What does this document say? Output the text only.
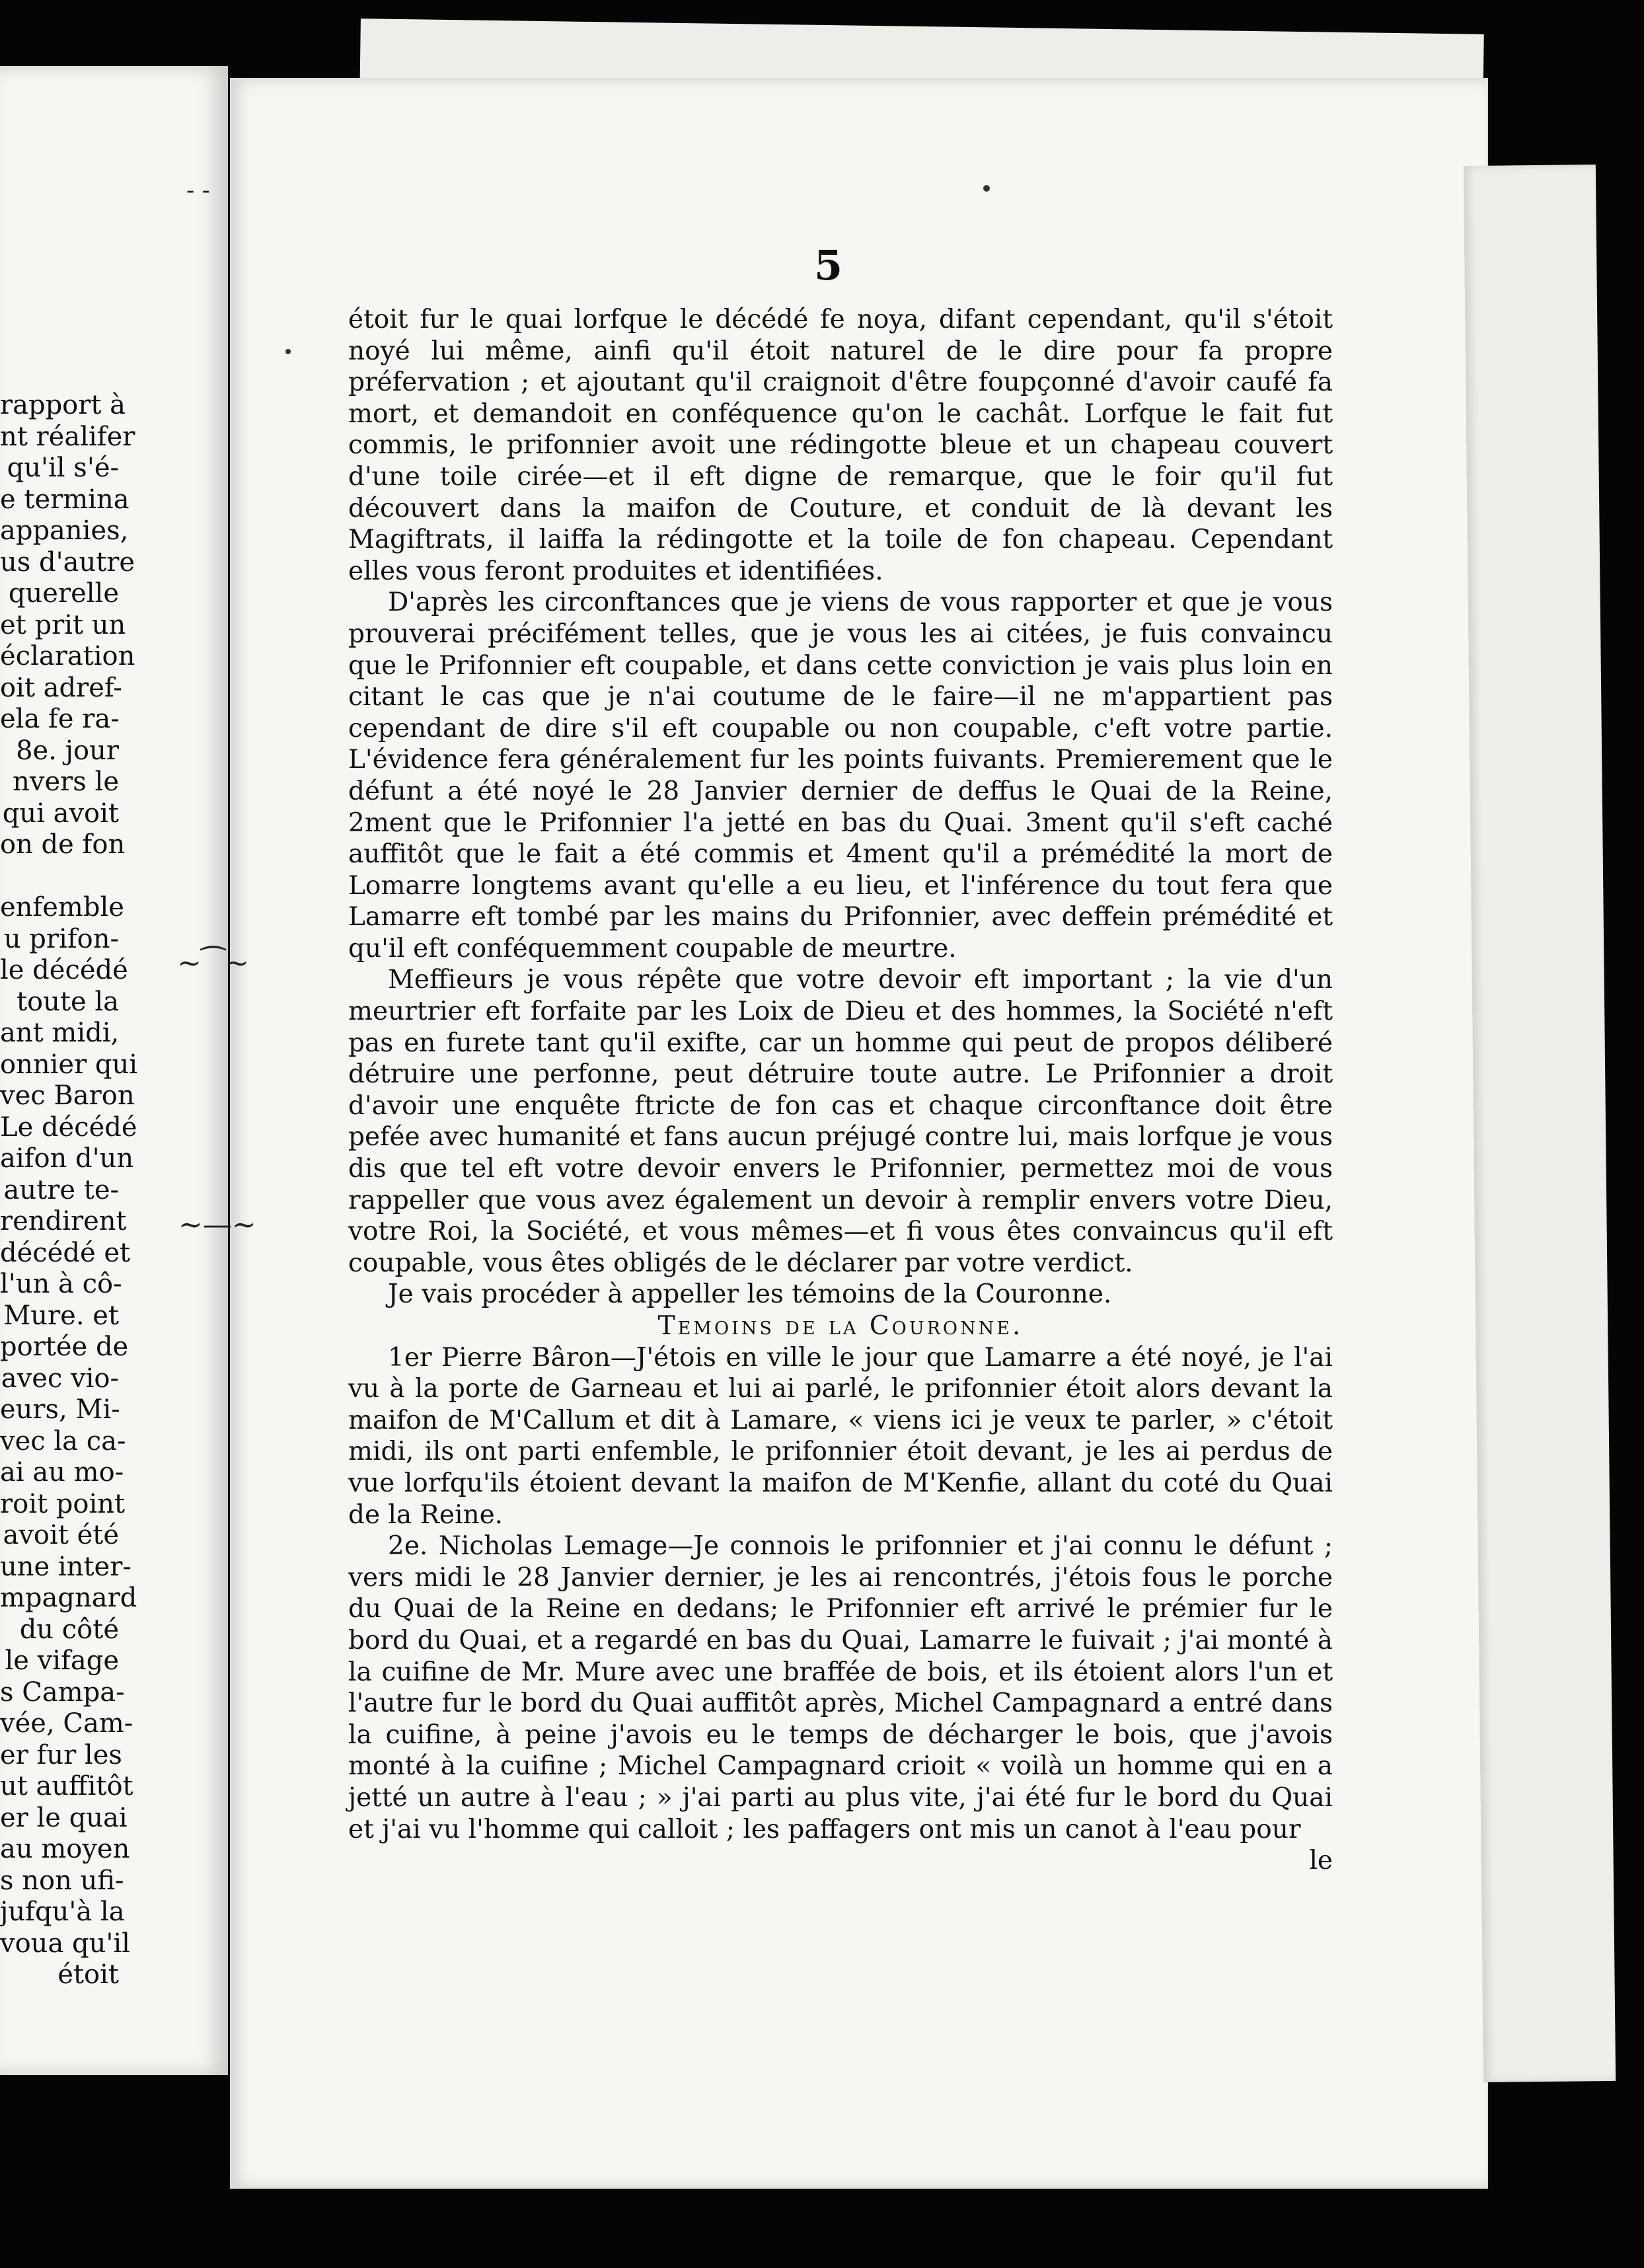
rapport à
nt réalifer
qu'il s'é-
e termina
appanies,
us d'autre
querelle
et prit un
éclaration
oit adref-
ela fe ra-
8e. jour
nvers le
qui avoit
on de fon
enfemble
u prifon-
le décédé
toute la
ant midi,
onnier qui
vec Baron
Le décédé
aifon d'un
autre te-
rendirent
décédé et
l'un à cô-
Mure. et
portée de
avec vio-
eurs, Mi-
vec la ca-
ai au mo-
roit point
avoit été
une inter-
mpagnard
du côté
le vifage
s Campa-
vée, Cam-
er fur les
ut auffitôt
er le quai
au moyen
s non ufi-
jufqu'à la
voua qu'il
étoit
- -
~⁀~
~—~
5

étoit fur le quai lorfque le décédé fe noya, difant cependant, qu'il s'étoit noyé lui même, ainfi qu'il étoit naturel de le dire pour fa propre préfervation ; et ajoutant qu'il craignoit d'être foupçonné d'avoir caufé fa mort, et demandoit en conféquence qu'on le cachât. Lorfque le fait fut commis, le prifonnier avoit une rédingotte bleue et un chapeau couvert d'une toile cirée—et il eft digne de remarque, que le foir qu'il fut découvert dans la maifon de Couture, et conduit de là devant les Magiftrats, il laiffa la rédingotte et la toile de fon chapeau. Cependant elles vous feront produites et identifiées.

D'après les circonftances que je viens de vous rapporter et que je vous prouverai précifément telles, que je vous les ai citées, je fuis convaincu que le Prifonnier eft coupable, et dans cette conviction je vais plus loin en citant le cas que je n'ai coutume de le faire—il ne m'appartient pas cependant de dire s'il eft coupable ou non coupable, c'eft votre partie. L'évidence fera généralement fur les points fuivants. Premierement que le défunt a été noyé le 28 Janvier dernier de deffus le Quai de la Reine, 2ment que le Prifonnier l'a jetté en bas du Quai. 3ment qu'il s'eft caché auffitôt que le fait a été commis et 4ment qu'il a prémédité la mort de Lomarre longtems avant qu'elle a eu lieu, et l'inférence du tout fera que Lamarre eft tombé par les mains du Prifonnier, avec deffein prémédité et qu'il eft conféquemment coupable de meurtre.

Meffieurs je vous répête que votre devoir eft important ; la vie d'un meurtrier eft forfaite par les Loix de Dieu et des hommes, la Société n'eft pas en furete tant qu'il exifte, car un homme qui peut de propos déliberé détruire une perfonne, peut détruire toute autre. Le Prifonnier a droit d'avoir une enquête ftricte de fon cas et chaque circonftance doit être pefée avec humanité et fans aucun préjugé contre lui, mais lorfque je vous dis que tel eft votre devoir envers le Prifonnier, permettez moi de vous rappeller que vous avez également un devoir à remplir envers votre Dieu, votre Roi, la Société, et vous mêmes—et fi vous êtes convaincus qu'il eft coupable, vous êtes obligés de le déclarer par votre verdict.

Je vais procéder à appeller les témoins de la Couronne.

Temoins de la Couronne.

1er Pierre Bâron—J'étois en ville le jour que Lamarre a été noyé, je l'ai vu à la porte de Garneau et lui ai parlé, le prifonnier étoit alors devant la maifon de M'Callum et dit à Lamare, « viens ici je veux te parler, » c'étoit midi, ils ont parti enfemble, le prifonnier étoit devant, je les ai perdus de vue lorfqu'ils étoient devant la maifon de M'Kenfie, allant du coté du Quai de la Reine.

2e. Nicholas Lemage—Je connois le prifonnier et j'ai connu le défunt ; vers midi le 28 Janvier dernier, je les ai rencontrés, j'étois fous le porche du Quai de la Reine en dedans; le Prifonnier eft arrivé le prémier fur le bord du Quai, et a regardé en bas du Quai, Lamarre le fuivait ; j'ai monté à la cuifine de Mr. Mure avec une braffée de bois, et ils étoient alors l'un et l'autre fur le bord du Quai auffitôt après, Michel Campagnard a entré dans la cuifine, à peine j'avois eu le temps de décharger le bois, que j'avois monté à la cuifine ; Michel Campagnard crioit « voilà un homme qui en a jetté un autre à l'eau ; » j'ai parti au plus vite, j'ai été fur le bord du Quai et j'ai vu l'homme qui calloit ; les paffagers ont mis un canot à l'eau pour

le
